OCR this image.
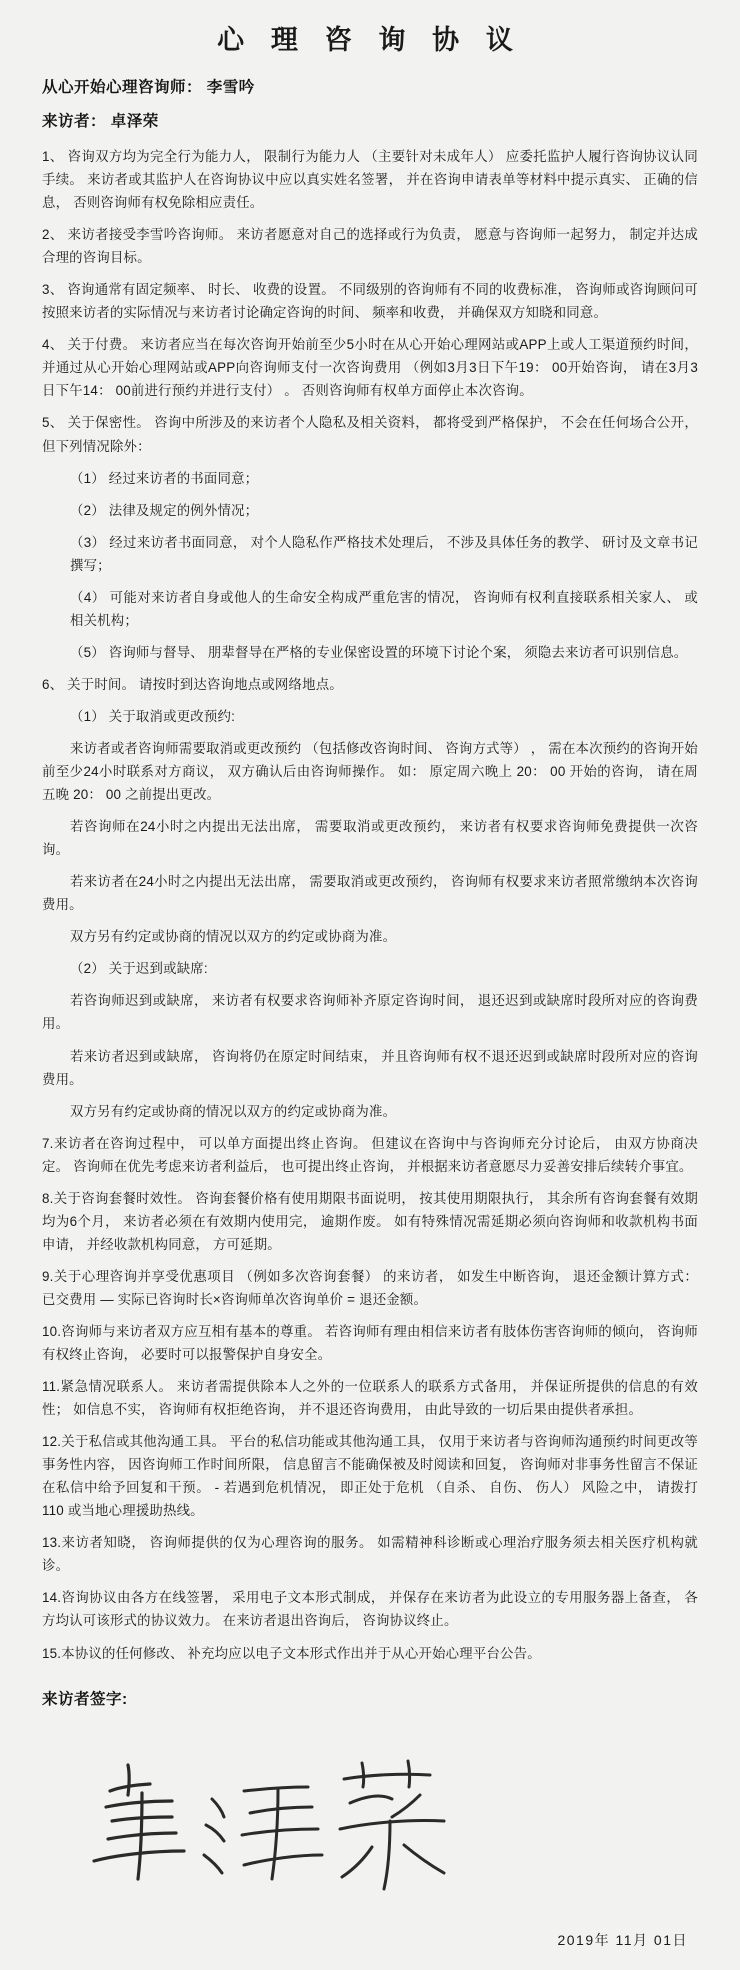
心 理 咨 询 协 议
从心开始心理咨询师： 李雪吟
来访者： 卓泽荣

1、 咨询双方均为完全行为能力人， 限制行为能力人 （主要针对未成年人） 应委托监护人履行咨询协议认同手续。 来访者或其监护人在咨询协议中应以真实姓名签署， 并在咨询申请表单等材料中提示真实、 正确的信息， 否则咨询师有权免除相应责任。

2、 来访者接受李雪吟咨询师。 来访者愿意对自己的选择或行为负责， 愿意与咨询师一起努力， 制定并达成合理的咨询目标。

3、 咨询通常有固定频率、 时长、 收费的设置。 不同级别的咨询师有不同的收费标准， 咨询师或咨询顾问可按照来访者的实际情况与来访者讨论确定咨询的时间、 频率和收费， 并确保双方知晓和同意。

4、 关于付费。 来访者应当在每次咨询开始前至少5小时在从心开始心理网站或APP上或人工渠道预约时间， 并通过从心开始心理网站或APP向咨询师支付一次咨询费用 （例如3月3日下午19： 00开始咨询， 请在3月3日下午14： 00前进行预约并进行支付） 。 否则咨询师有权单方面停止本次咨询。

5、 关于保密性。 咨询中所涉及的来访者个人隐私及相关资料， 都将受到严格保护， 不会在任何场合公开， 但下列情况除外：

（1） 经过来访者的书面同意；

（2） 法律及规定的例外情况；

（3） 经过来访者书面同意， 对个人隐私作严格技术处理后， 不涉及具体任务的教学、 研讨及文章书记撰写；

（4） 可能对来访者自身或他人的生命安全构成严重危害的情况， 咨询师有权利直接联系相关家人、 或相关机构；

（5） 咨询师与督导、 朋辈督导在严格的专业保密设置的环境下讨论个案， 须隐去来访者可识别信息。

6、 关于时间。 请按时到达咨询地点或网络地点。

（1） 关于取消或更改预约:

来访者或者咨询师需要取消或更改预约 （包括修改咨询时间、 咨询方式等） ， 需在本次预约的咨询开始前至少24小时联系对方商议， 双方确认后由咨询师操作。 如： 原定周六晚上 20： 00 开始的咨询， 请在周五晚 20： 00 之前提出更改。

若咨询师在24小时之内提出无法出席， 需要取消或更改预约， 来访者有权要求咨询师免费提供一次咨询。

若来访者在24小时之内提出无法出席， 需要取消或更改预约， 咨询师有权要求来访者照常缴纳本次咨询费用。

双方另有约定或协商的情况以双方的约定或协商为准。

（2） 关于迟到或缺席:

若咨询师迟到或缺席， 来访者有权要求咨询师补齐原定咨询时间， 退还迟到或缺席时段所对应的咨询费用。

若来访者迟到或缺席， 咨询将仍在原定时间结束， 并且咨询师有权不退还迟到或缺席时段所对应的咨询费用。

双方另有约定或协商的情况以双方的约定或协商为准。

7.来访者在咨询过程中， 可以单方面提出终止咨询。 但建议在咨询中与咨询师充分讨论后， 由双方协商决定。 咨询师在优先考虑来访者利益后， 也可提出终止咨询， 并根据来访者意愿尽力妥善安排后续转介事宜。

8.关于咨询套餐时效性。 咨询套餐价格有使用期限书面说明， 按其使用期限执行， 其余所有咨询套餐有效期均为6个月， 来访者必须在有效期内使用完， 逾期作废。 如有特殊情况需延期必须向咨询师和收款机构书面申请， 并经收款机构同意， 方可延期。

9.关于心理咨询并享受优惠项目 （例如多次咨询套餐） 的来访者， 如发生中断咨询， 退还金额计算方式： 已交费用 — 实际已咨询时长×咨询师单次咨询单价 = 退还金额。

10.咨询师与来访者双方应互相有基本的尊重。 若咨询师有理由相信来访者有肢体伤害咨询师的倾向， 咨询师有权终止咨询， 必要时可以报警保护自身安全。

11.紧急情况联系人。 来访者需提供除本人之外的一位联系人的联系方式备用， 并保证所提供的信息的有效性； 如信息不实， 咨询师有权拒绝咨询， 并不退还咨询费用， 由此导致的一切后果由提供者承担。

12.关于私信或其他沟通工具。 平台的私信功能或其他沟通工具， 仅用于来访者与咨询师沟通预约时间更改等事务性内容， 因咨询师工作时间所限， 信息留言不能确保被及时阅读和回复， 咨询师对非事务性留言不保证在私信中给予回复和干预。 - 若遇到危机情况， 即正处于危机 （自杀、 自伤、 伤人） 风险之中， 请拨打 110 或当地心理援助热线。

13.来访者知晓， 咨询师提供的仅为心理咨询的服务。 如需精神科诊断或心理治疗服务须去相关医疗机构就诊。

14.咨询协议由各方在线签署， 采用电子文本形式制成， 并保存在来访者为此设立的专用服务器上备查， 各方均认可该形式的协议效力。 在来访者退出咨询后， 咨询协议终止。

15.本协议的任何修改、 补充均应以电子文本形式作出并于从心开始心理平台公告。

来访者签字:
2019年 11月 01日
